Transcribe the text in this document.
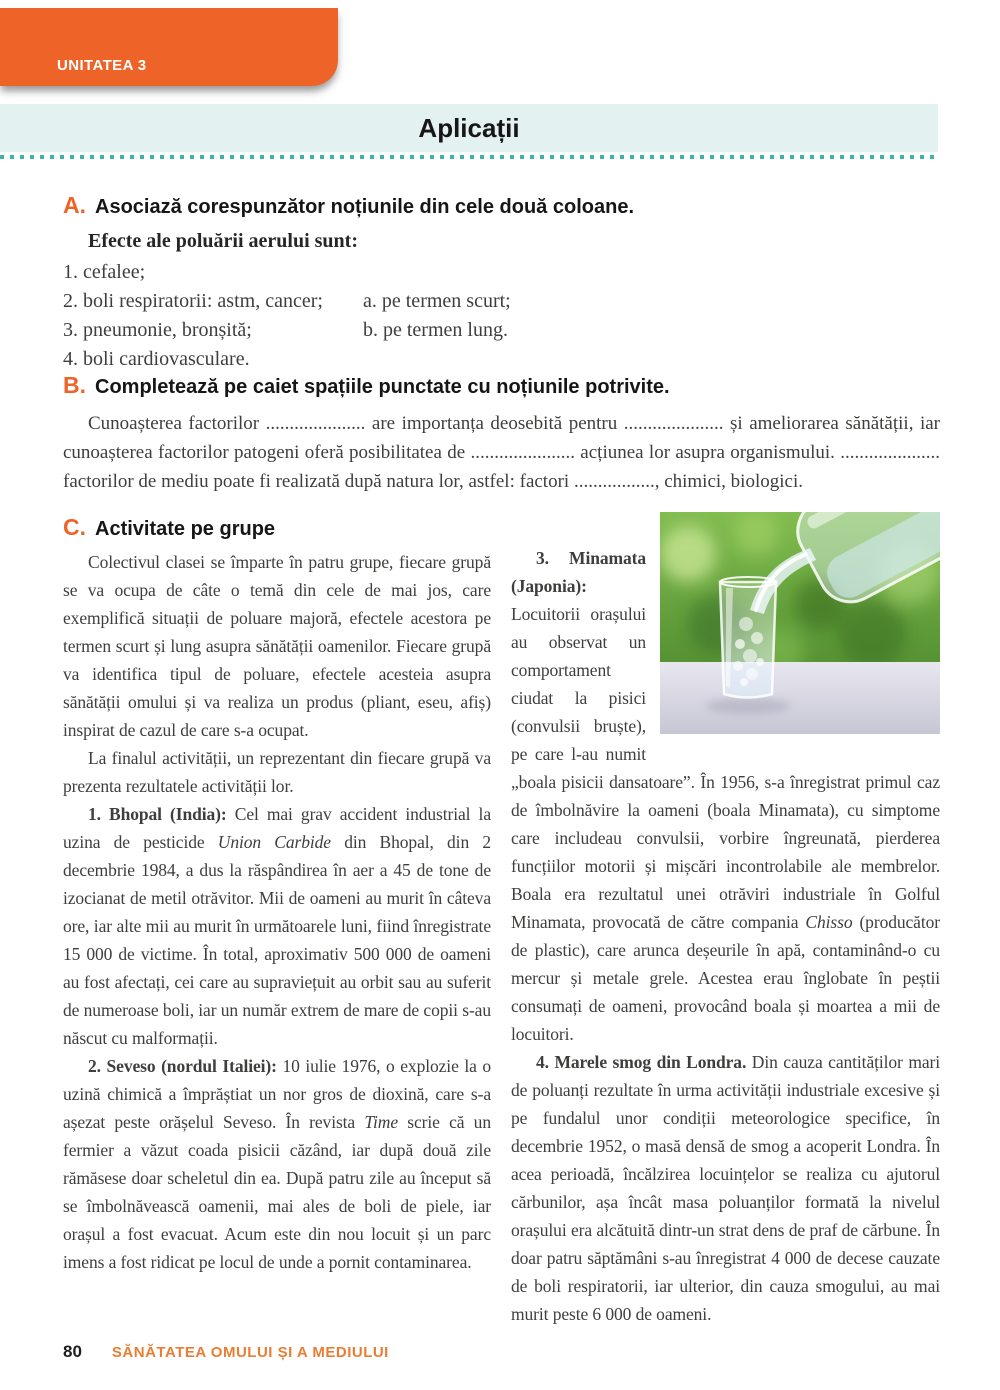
UNITATEA 3
Aplicații
A. Asociază corespunzător noțiunile din cele două coloane.

Efecte ale poluării aerului sunt:

1. cefalee;
2. boli respiratorii: astm, cancer;	a. pe termen scurt;
3. pneumonie, bronșită;	b. pe termen lung.
4. boli cardiovasculare.
B. Completează pe caiet spațiile punctate cu noțiunile potrivite.

Cunoașterea factorilor ..................... are importanța deosebită pentru ..................... și ameliorarea sănătății, iar cunoașterea factorilor patogeni oferă posibilitatea de ...................... acțiunea lor asupra organismului. ..................... factorilor de mediu poate fi realizată după natura lor, astfel: factori ................., chimici, biologici.

C. Activitate pe grupe

Colectivul clasei se împarte în patru grupe, fiecare grupă se va ocupa de câte o temă din cele de mai jos, care exemplifică situații de poluare majoră, efectele acestora pe termen scurt și lung asupra sănătății oamenilor. Fiecare grupă va identifica tipul de poluare, efectele acesteia asupra sănătății omului și va realiza un produs (pliant, eseu, afiș) inspirat de cazul de care s-a ocupat.

La finalul activității, un reprezentant din fiecare grupă va prezenta rezultatele activității lor.

1. Bhopal (India): Cel mai grav accident industrial la uzina de pesticide Union Carbide din Bhopal, din 2 decembrie 1984, a dus la răspândirea în aer a 45 de tone de izocianat de metil otrăvitor. Mii de oameni au murit în câteva ore, iar alte mii au murit în următoarele luni, fiind înregistrate 15 000 de victime. În total, aproximativ 500 000 de oameni au fost afectați, cei care au supraviețuit au orbit sau au suferit de numeroase boli, iar un număr extrem de mare de copii s-au născut cu malformații.

2. Seveso (nordul Italiei): 10 iulie 1976, o explozie la o uzină chimică a împrăștiat un nor gros de dioxină, care s-a așezat peste orășelul Seveso. În revista Time scrie că un fermier a văzut coada pisicii căzând, iar după două zile rămăsese doar scheletul din ea. După patru zile au început să se îmbolnăvească oamenii, mai ales de boli de piele, iar orașul a fost evacuat. Acum este din nou locuit și un parc imens a fost ridicat pe locul de unde a pornit contaminarea.

3. Minamata (Japonia): Locuitorii orașului au observat un comportament ciudat la pisici (convulsii bruște), pe care l-au numit „boala pisicii dansatoare”. În 1956, s-a înregistrat primul caz de îmbolnăvire la oameni (boala Minamata), cu simptome care includeau convulsii, vorbire îngreunată, pierderea funcțiilor motorii și mișcări incontrolabile ale membrelor. Boala era rezultatul unei otrăviri industriale în Golful Minamata, provocată de către compania Chisso (producător de plastic), care arunca deșeurile în apă, contaminând-o cu mercur și metale grele. Acestea erau înglobate în peștii consumați de oameni, provocând boala și moartea a mii de locuitori.

4. Marele smog din Londra. Din cauza cantităților mari de poluanți rezultate în urma activității industriale excesive și pe fundalul unor condiții meteorologice specifice, în decembrie 1952, o masă densă de smog a acoperit Londra. În acea perioadă, încălzirea locuințelor se realiza cu ajutorul cărbunilor, așa încât masa poluanților formată la nivelul orașului era alcătuită dintr-un strat dens de praf de cărbune. În doar patru săptămâni s-au înregistrat 4 000 de decese cauzate de boli respiratorii, iar ulterior, din cauza smogului, au mai murit peste 6 000 de oameni.

80 SĂNĂTATEA OMULUI ȘI A MEDIULUI
